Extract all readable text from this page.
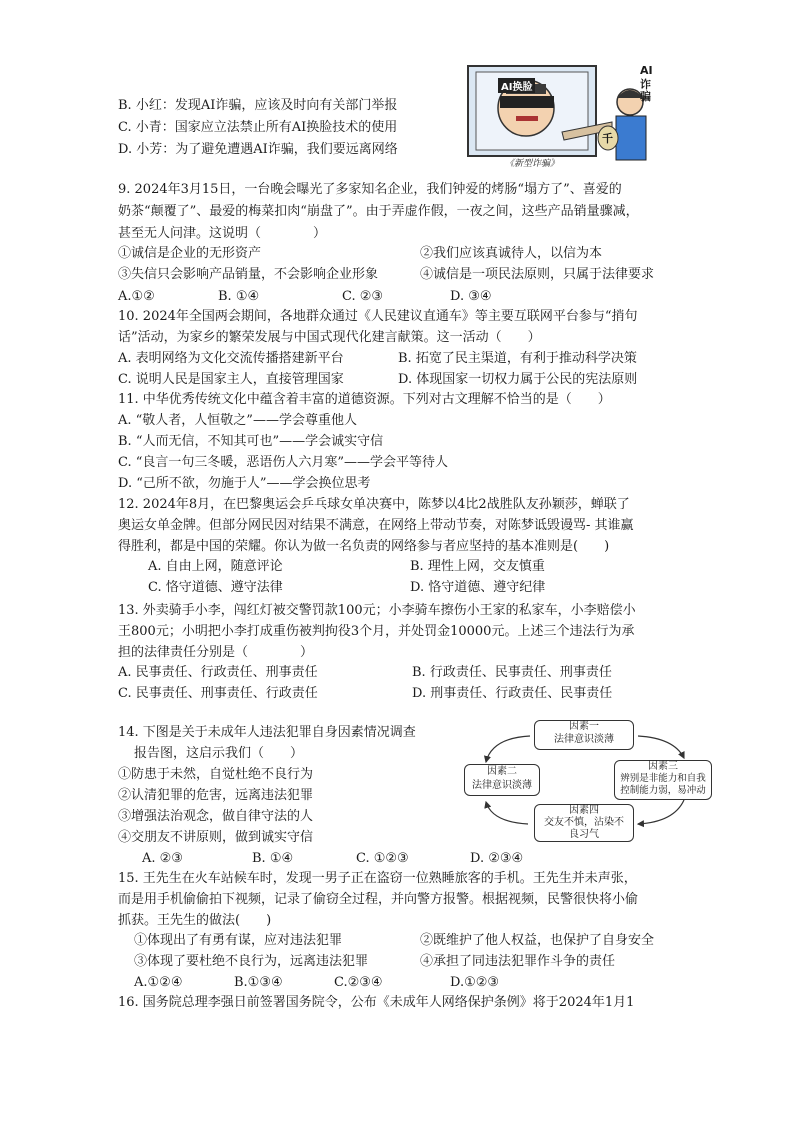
AI
诈
骗
AI换脸
千
《新型诈骗》
B. 小红：发现AI诈骗，应该及时向有关部门举报
C. 小青：国家应立法禁止所有AI换脸技术的使用
D. 小芳：为了避免遭遇AI诈骗，我们要远离网络
9. 2024年3月15日，一台晚会曝光了多家知名企业，我们钟爱的烤肠“塌方了”、喜爱的
奶茶“颠覆了”、最爱的梅菜扣肉“崩盘了”。由于弄虚作假，一夜之间，这些产品销量骤减，
甚至无人问津。这说明（　　　　）
①诚信是企业的无形资产	②我们应该真诚待人，以信为本
③失信只会影响产品销量，不会影响企业形象	④诚信是一项民法原则，只属于法律要求
A.①②	B. ①④	C. ②③	D. ③④
10. 2024年全国两会期间，各地群众通过《人民建议直通车》等主要互联网平台参与“捎句
话”活动，为家乡的繁荣发展与中国式现代化建言献策。这一活动（　　）
A. 表明网络为文化交流传播搭建新平台	B. 拓宽了民主渠道，有利于推动科学决策
C. 说明人民是国家主人，直接管理国家	D. 体现国家一切权力属于公民的宪法原则
11. 中华优秀传统文化中蕴含着丰富的道德资源。下列对古文理解不恰当的是（　　）
A. “敬人者，人恒敬之”——学会尊重他人
B. “人而无信，不知其可也”——学会诚实守信
C. “良言一句三冬暖，恶语伤人六月寒”——学会平等待人
D. “己所不欲，勿施于人”——学会换位思考
12. 2024年8月，在巴黎奥运会乒乓球女单决赛中，陈梦以4比2战胜队友孙颖莎，蝉联了
奥运女单金牌。但部分网民因对结果不满意，在网络上带动节奏，对陈梦诋毁谩骂- 其谁赢
得胜利，都是中国的荣耀。你认为做一名负责的网络参与者应坚持的基本准则是(　　)
A. 自由上网，随意评论	B. 理性上网，交友慎重
C. 恪守道德、遵守法律	D. 恪守道德、遵守纪律
13. 外卖骑手小李，闯红灯被交警罚款100元；小李骑车擦伤小王家的私家车，小李赔偿小
王800元；小明把小李打成重伤被判拘役3个月，并处罚金10000元。上述三个违法行为承
担的法律责任分别是（　　　　）
A. 民事责任、行政责任、刑事责任	B. 行政责任、民事责任、刑事责任
C. 民事责任、刑事责任、行政责任	D. 刑事责任、行政责任、民事责任
14. 下图是关于未成年人违法犯罪自身因素情况调查
报告图，这启示我们（　　）
①防患于未然，自觉杜绝不良行为
②认清犯罪的危害，远离违法犯罪
③增强法治观念，做自律守法的人
④交朋友不讲原则，做到诚实守信
A. ②③	B. ①④	C. ①②③	D. ②③④
因素一
法律意识淡薄
因素二
法律意识淡薄
因素三
辨别是非能力和自我
控制能力弱，易冲动
因素四
交友不慎，沾染不
良习气
15. 王先生在火车站候车时，发现一男子正在盗窃一位熟睡旅客的手机。王先生并未声张，
而是用手机偷偷拍下视频，记录了偷窃全过程，并向警方报警。根据视频，民警很快将小偷
抓获。王先生的做法(　　)
①体现出了有勇有谋，应对违法犯罪	②既维护了他人权益，也保护了自身安全
③体现了要杜绝不良行为，远离违法犯罪	④承担了同违法犯罪作斗争的责任
A.①②④	B.①③④	C.②③④	D.①②③
16. 国务院总理李强日前签署国务院令，公布《未成年人网络保护条例》将于2024年1月1
